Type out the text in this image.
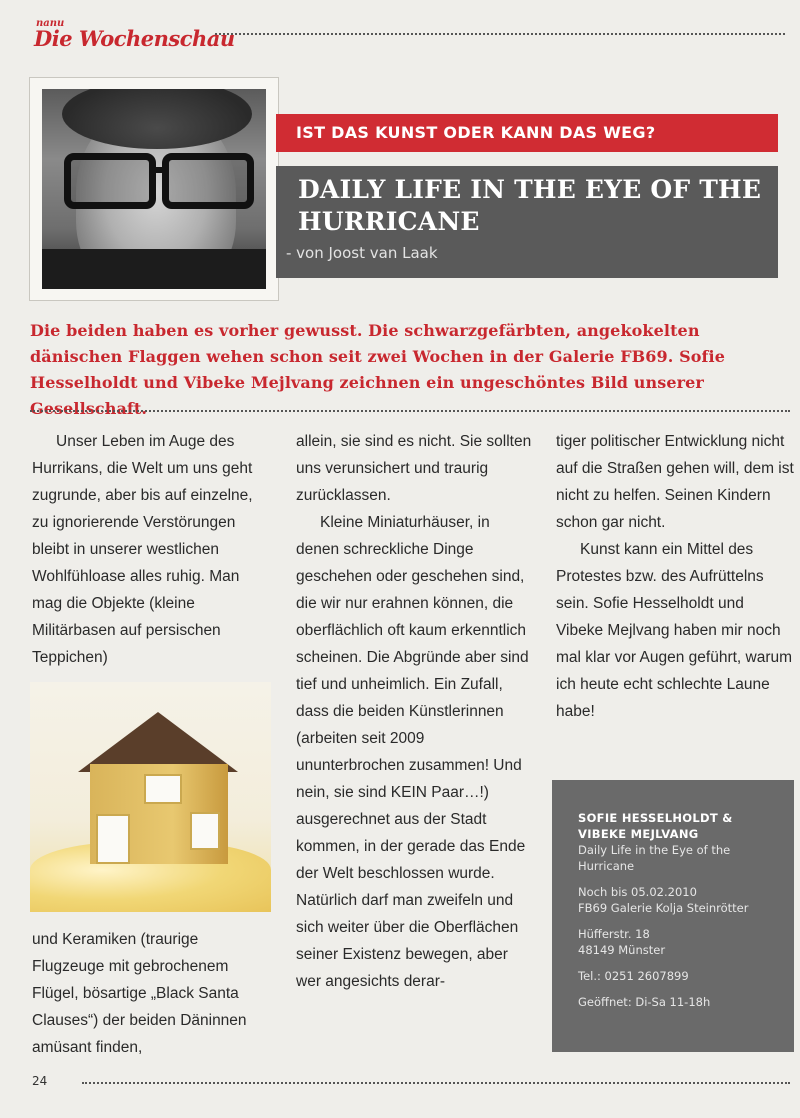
nanu
Die Wochenschau
IST DAS KUNST ODER KANN DAS WEG?
DAILY LIFE IN THE EYE OF THE HURRICANE
- von Joost van Laak
Die beiden haben es vorher gewusst. Die schwarzgefärbten, angekokelten dänischen Flaggen wehen schon seit zwei Wochen in der Galerie FB69. Sofie Hesselholdt und Vibeke Mejlvang zeichnen ein ungeschöntes Bild unserer Gesellschaft.

Unser Leben im Auge des Hurrikans, die Welt um uns geht zugrunde, aber bis auf einzelne, zu ignorierende Verstörungen bleibt in unserer westlichen Wohlfühloase alles ruhig. Man mag die Objekte (kleine Militärbasen auf persischen Teppichen)

und Keramiken (traurige Flugzeuge mit gebrochenem Flügel, bösartige „Black Santa Clauses“) der beiden Däninnen amüsant finden,

allein, sie sind es nicht. Sie sollten uns verunsichert und traurig zurücklassen.

Kleine Miniaturhäuser, in denen schreckliche Dinge geschehen oder geschehen sind, die wir nur erahnen können, die oberflächlich oft kaum erkenntlich scheinen. Die Abgründe aber sind tief und unheimlich. Ein Zufall, dass die beiden Künstlerinnen (arbeiten seit 2009 ununterbrochen zusammen! Und nein, sie sind KEIN Paar…!) ausgerechnet aus der Stadt kommen, in der gerade das Ende der Welt beschlossen wurde. Natürlich darf man zweifeln und sich weiter über die Oberflächen seiner Existenz bewegen, aber wer angesichts derar-

tiger politischer Entwicklung nicht auf die Straßen gehen will, dem ist nicht zu helfen. Seinen Kindern schon gar nicht.

Kunst kann ein Mittel des Protestes bzw. des Aufrüttelns sein. Sofie Hesselholdt und Vibeke Mejlvang haben mir noch mal klar vor Augen geführt, warum ich heute echt schlechte Laune habe!

SOFIE HESSELHOLDT & VIBEKE MEJLVANG
Daily Life in the Eye of the Hurricane
Noch bis 05.02.2010
FB69 Galerie Kolja Steinrötter
Hüfferstr. 18
48149 Münster
Tel.: 0251 2607899
Geöffnet: Di-Sa 11-18h
24
